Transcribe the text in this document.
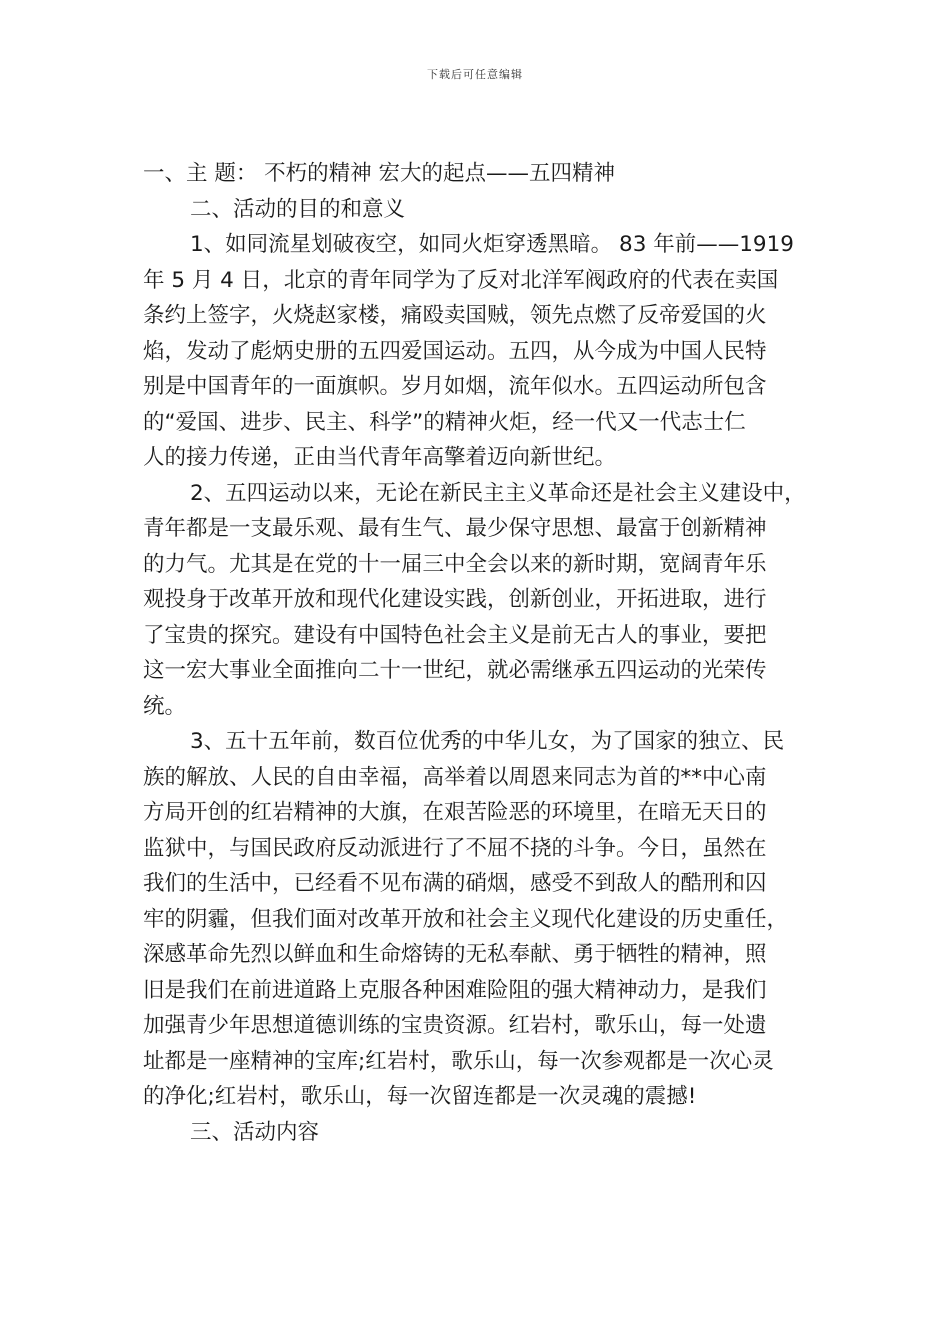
下载后可任意编辑

一、主 题： 不朽的精神 宏大的起点——五四精神

二、活动的目的和意义

1、如同流星划破夜空，如同火炬穿透黑暗。 83 年前——1919

年 5 月 4 日，北京的青年同学为了反对北洋军阀政府的代表在卖国

条约上签字，火烧赵家楼，痛殴卖国贼，领先点燃了反帝爱国的火

焰，发动了彪炳史册的五四爱国运动。五四，从今成为中国人民特

别是中国青年的一面旗帜。岁月如烟，流年似水。五四运动所包含

的“爱国、进步、民主、科学”的精神火炬，经一代又一代志士仁

人的接力传递，正由当代青年高擎着迈向新世纪。

2、五四运动以来，无论在新民主主义革命还是社会主义建设中，

青年都是一支最乐观、最有生气、最少保守思想、最富于创新精神

的力气。尤其是在党的十一届三中全会以来的新时期，宽阔青年乐

观投身于改革开放和现代化建设实践，创新创业，开拓进取，进行

了宝贵的探究。建设有中国特色社会主义是前无古人的事业，要把

这一宏大事业全面推向二十一世纪，就必需继承五四运动的光荣传

统。

3、五十五年前，数百位优秀的中华儿女，为了国家的独立、民

族的解放、人民的自由幸福，高举着以周恩来同志为首的**中心南

方局开创的红岩精神的大旗，在艰苦险恶的环境里，在暗无天日的

监狱中，与国民政府反动派进行了不屈不挠的斗争。今日，虽然在

我们的生活中，已经看不见布满的硝烟，感受不到敌人的酷刑和囚

牢的阴霾，但我们面对改革开放和社会主义现代化建设的历史重任，

深感革命先烈以鲜血和生命熔铸的无私奉献、勇于牺牲的精神，照

旧是我们在前进道路上克服各种困难险阻的强大精神动力，是我们

加强青少年思想道德训练的宝贵资源。红岩村，歌乐山，每一处遗

址都是一座精神的宝库;红岩村，歌乐山，每一次参观都是一次心灵

的净化;红岩村，歌乐山，每一次留连都是一次灵魂的震撼!

三、活动内容
